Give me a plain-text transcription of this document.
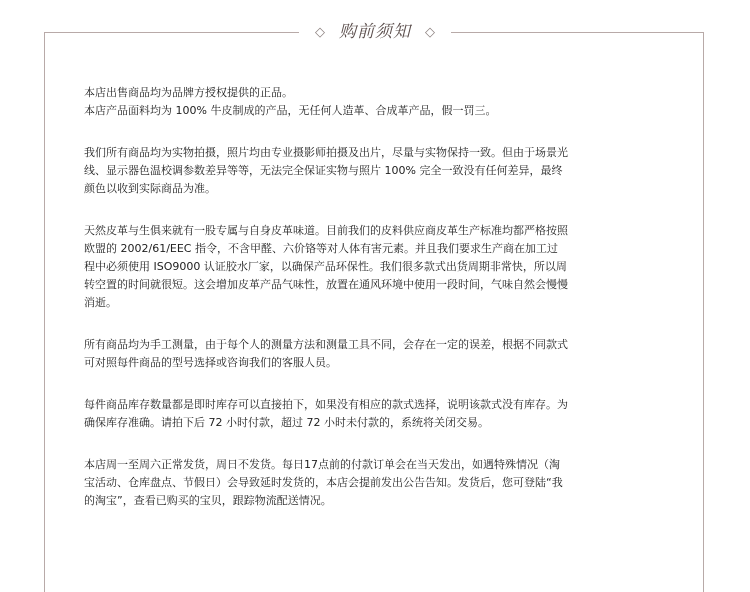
◇ 购前须知 ◇

本店出售商品均为品牌方授权提供的正品。
本店产品面料均为 100% 牛皮制成的产品，无任何人造革、合成革产品，假一罚三。

我们所有商品均为实物拍摄，照片均由专业摄影师拍摄及出片，尽量与实物保持一致。但由于场景光
线、显示器色温校调参数差异等等，无法完全保证实物与照片 100% 完全一致没有任何差异，最终
颜色以收到实际商品为准。

天然皮革与生俱来就有一股专属与自身皮革味道。目前我们的皮料供应商皮革生产标准均都严格按照
欧盟的 2002/61/EEC 指令，不含甲醛、六价铬等对人体有害元素。并且我们要求生产商在加工过
程中必须使用 ISO9000 认证胶水厂家，以确保产品环保性。我们很多款式出货周期非常快，所以周
转空置的时间就很短。这会增加皮革产品气味性，放置在通风环境中使用一段时间，气味自然会慢慢
消逝。

所有商品均为手工测量，由于每个人的测量方法和测量工具不同，会存在一定的误差，根据不同款式
可对照每件商品的型号选择或咨询我们的客服人员。

每件商品库存数量都是即时库存可以直接拍下，如果没有相应的款式选择，说明该款式没有库存。为
确保库存准确。请拍下后 72 小时付款，超过 72 小时未付款的，系统将关闭交易。

本店周一至周六正常发货，周日不发货。每日17点前的付款订单会在当天发出，如遇特殊情况（淘
宝活动、仓库盘点、节假日）会导致延时发货的，本店会提前发出公告告知。发货后，您可登陆“我
的淘宝”，查看已购买的宝贝，跟踪物流配送情况。
